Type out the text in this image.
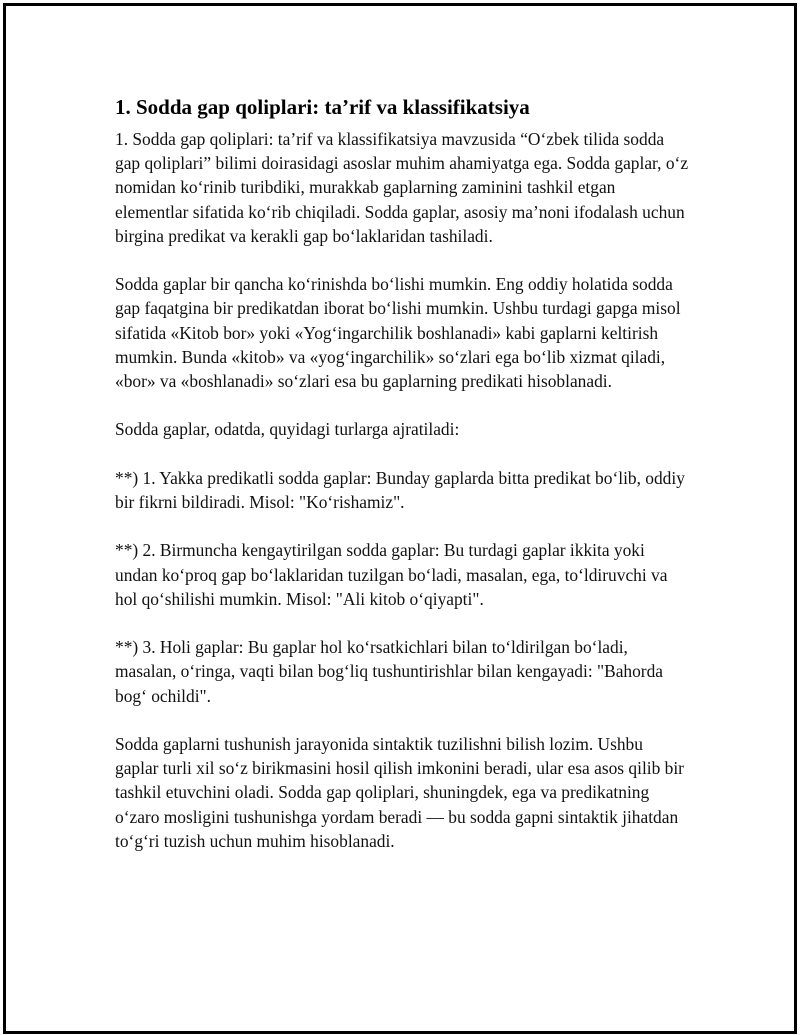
1. Sodda gap qoliplari: ta’rif va klassifikatsiya

1. Sodda gap qoliplari: ta’rif va klassifikatsiya mavzusida “O‘zbek tilida sodda gap qoliplari” bilimi doirasidagi asoslar muhim ahamiyatga ega. Sodda gaplar, o‘z nomidan ko‘rinib turibdiki, murakkab gaplarning zaminini tashkil etgan elementlar sifatida ko‘rib chiqiladi. Sodda gaplar, asosiy ma’noni ifodalash uchun birgina predikat va kerakli gap bo‘laklaridan tashiladi.

Sodda gaplar bir qancha ko‘rinishda bo‘lishi mumkin. Eng oddiy holatida sodda gap faqatgina bir predikatdan iborat bo‘lishi mumkin. Ushbu turdagi gapga misol sifatida «Kitob bor» yoki «Yog‘ingarchilik boshlanadi» kabi gaplarni keltirish mumkin. Bunda «kitob» va «yog‘ingarchilik» so‘zlari ega bo‘lib xizmat qiladi, «bor» va «boshlanadi» so‘zlari esa bu gaplarning predikati hisoblanadi.

Sodda gaplar, odatda, quyidagi turlarga ajratiladi:

**) 1. Yakka predikatli sodda gaplar: Bunday gaplarda bitta predikat bo‘lib, oddiy bir fikrni bildiradi. Misol: "Ko‘rishamiz".

**) 2. Birmuncha kengaytirilgan sodda gaplar: Bu turdagi gaplar ikkita yoki undan ko‘proq gap bo‘laklaridan tuzilgan bo‘ladi, masalan, ega, to‘ldiruvchi va hol qo‘shilishi mumkin. Misol: "Ali kitob o‘qiyapti".

**) 3. Holi gaplar: Bu gaplar hol ko‘rsatkichlari bilan to‘ldirilgan bo‘ladi, masalan, o‘ringa, vaqti bilan bog‘liq tushuntirishlar bilan kengayadi: "Bahorda bog‘ ochildi".

Sodda gaplarni tushunish jarayonida sintaktik tuzilishni bilish lozim. Ushbu gaplar turli xil so‘z birikmasini hosil qilish imkonini beradi, ular esa asos qilib bir tashkil etuvchini oladi. Sodda gap qoliplari, shuningdek, ega va predikatning o‘zaro mosligini tushunishga yordam beradi — bu sodda gapni sintaktik jihatdan to‘g‘ri tuzish uchun muhim hisoblanadi.
